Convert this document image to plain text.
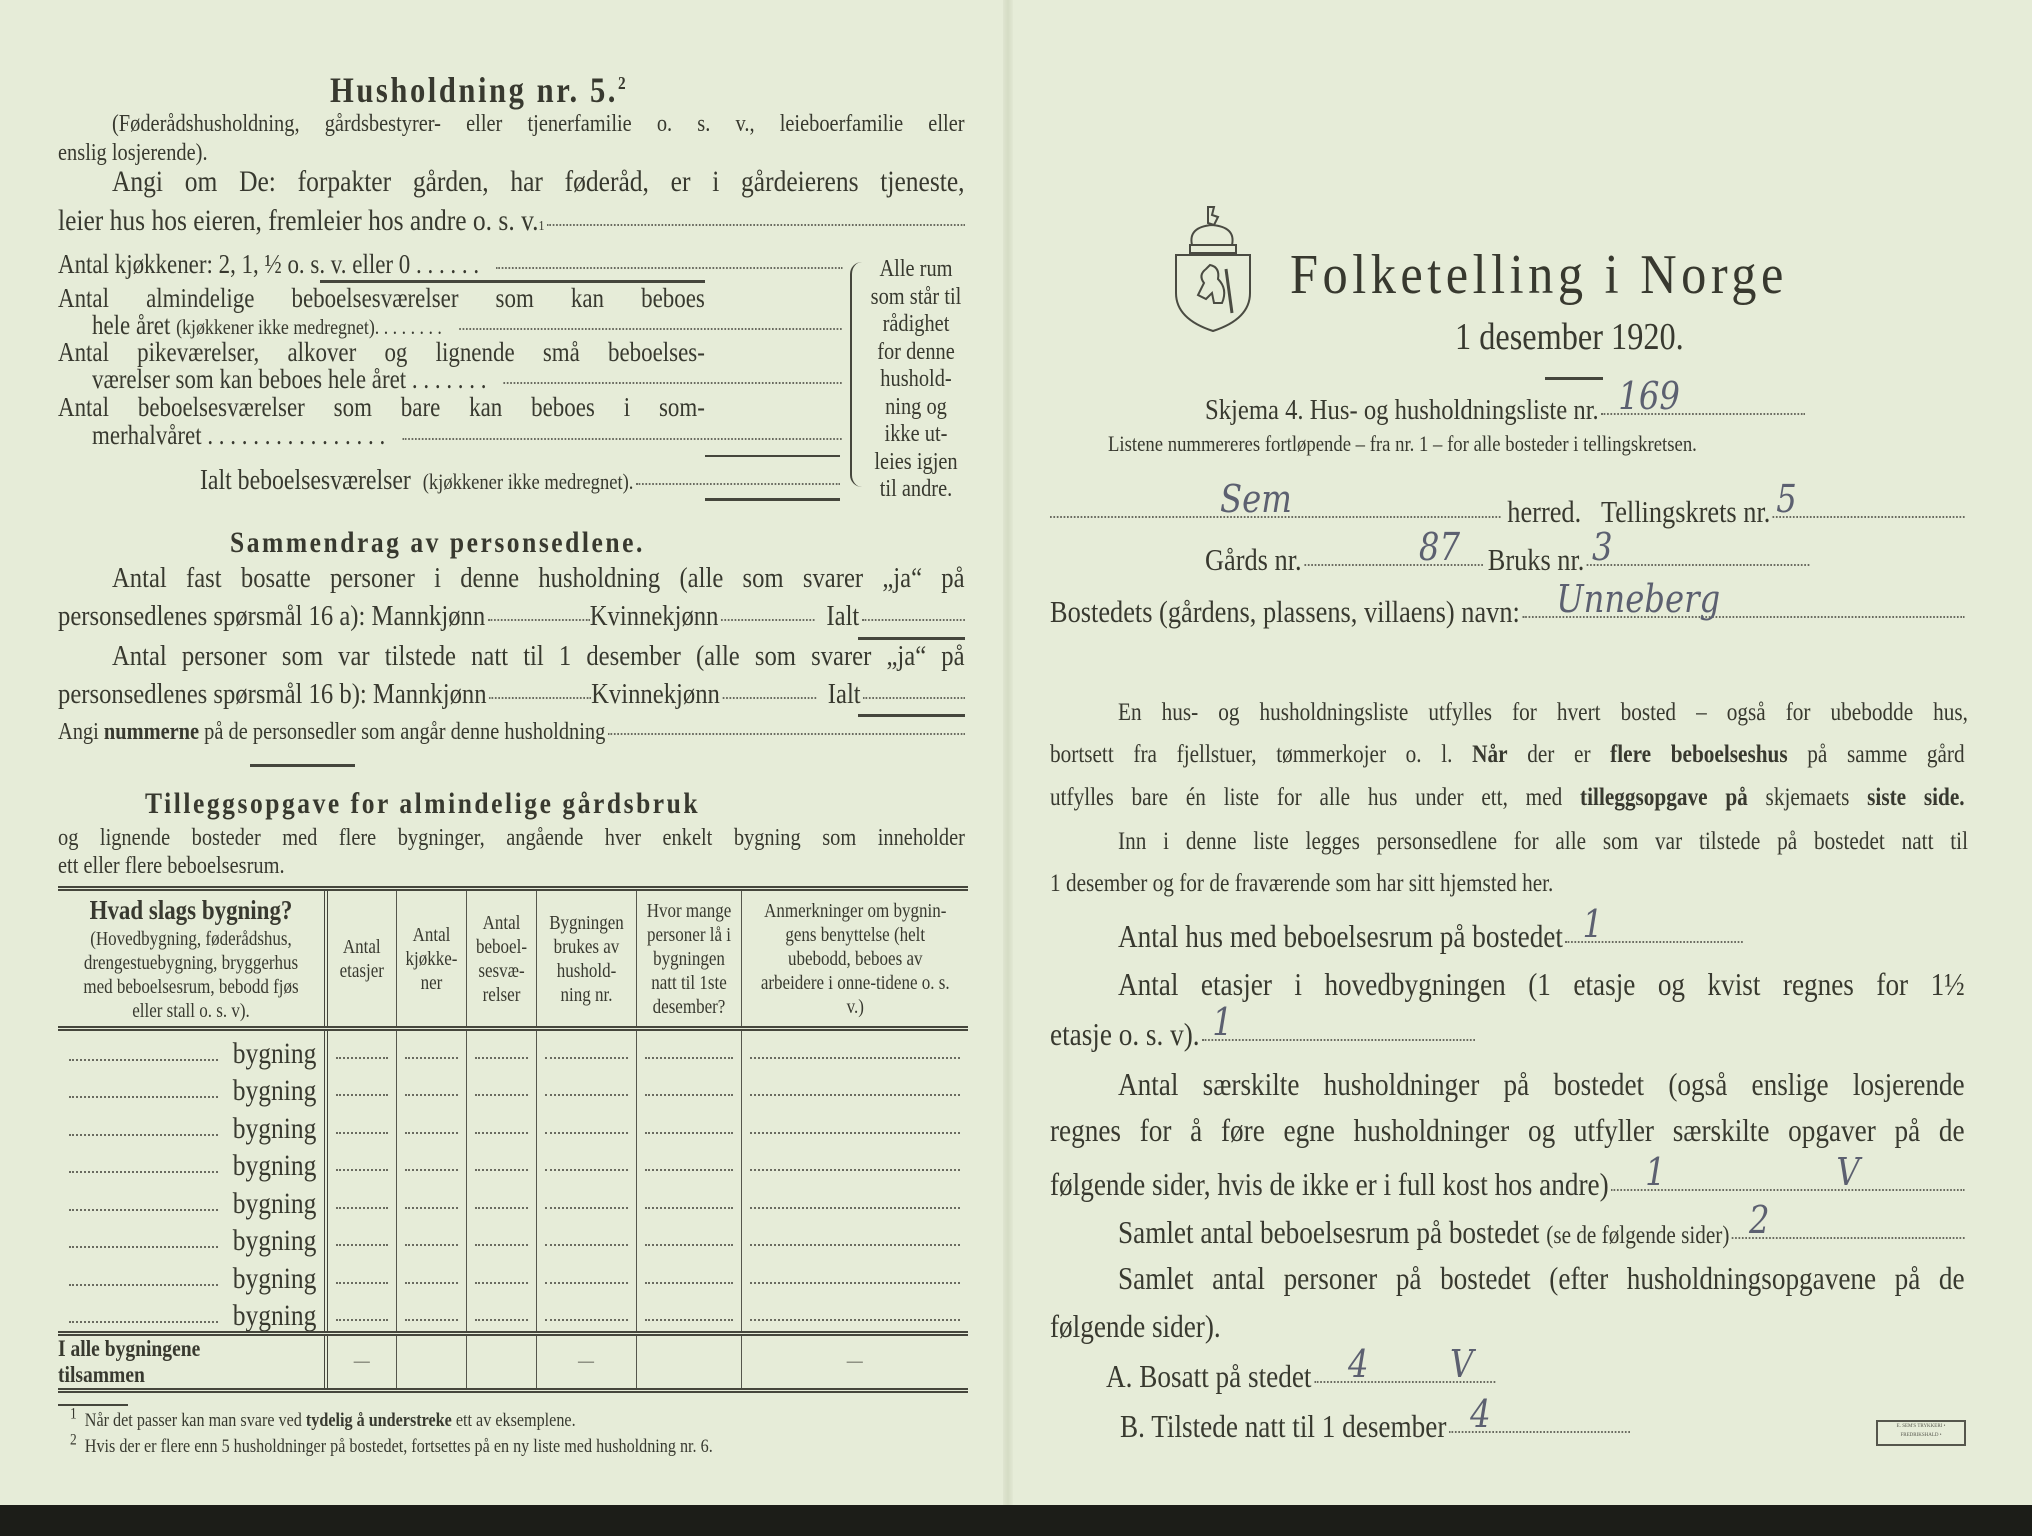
Husholdning nr. 5.$^2$
(Føderådshusholdning, gårdsbestyrer- eller tjenerfamilie o. s. v., leieboerfamilie eller
enslig losjerende).
Angi om De: forpakter gården, har føderåd, er i gårdeierens tjeneste,
leier hus hos eieren, fremleier hos andre o. s. v. 1
Antal kjøkkener: 2, 1, ½ o. s. v. eller 0 . . . . . .
Antal almindelige beboelsesværelser som kan beboes
hele året
(kjøkkener ikke medregnet). . . . . . . .
Antal pikeværelser, alkover og lignende små beboelses-
værelser som kan beboes hele året . . . . . . .
Antal beboelsesværelser som bare kan beboes i som-
merhalvåret . . . . . . . . . . . . . . . .
Ialt beboelsesværelser
(kjøkkener ikke medregnet).
Alle rum
som står til
rådighet
for denne
hushold-
ning og
ikke ut-
leies igjen
til andre.
Sammendrag av personsedlene.
Antal fast bosatte personer i denne husholdning (alle som svarer „ja“ på
personsedlenes spørsmål 16 a):
Mannkjønn	Kvinnekjønn	Ialt
Antal personer som var tilstede natt til 1 desember (alle som svarer „ja“ på
personsedlenes spørsmål 16 b):
Mannkjønn	Kvinnekjønn	Ialt
Angi
nummerne
på de personsedler som angår denne husholdning
Tilleggsopgave for almindelige gårdsbruk
og lignende bosteder med flere bygninger, angående hver enkelt bygning som inneholder
ett eller flere beboelsesrum.
Hvad slags bygning?
(Hovedbygning, føderådshus, drengestuebygning, bryggerhus med beboelsesrum, bebodd fjøs eller stall o. s. v).	Antal etasjer	Antal kjøkke-ner	Antal beboel-sesvæ-relser	Bygningen brukes av hushold-ning nr.	Hvor mange personer lå i bygningen natt til 1ste desember?	Anmerkninger om bygnin-gens benyttelse (helt ubebodd, beboes av arbeidere i onne-tidene o. s. v.)

bygning						

bygning						

bygning						

bygning						

bygning						

bygning						

bygning						

bygning						

I alle bygningene tilsammen	—			—		—
$^1$ Når det passer kan man svare ved tydelig å understreke ett av eksemplene.
$^2$ Hvis der er flere enn 5 husholdninger på bostedet, fortsettes på en ny liste med husholdning nr. 6.
Folketelling i Norge
1 desember 1920.
Skjema 4. Hus- og husholdningsliste nr. 169
Listene nummereres fortløpende – fra nr. 1 – for alle bosteder i tellingskretsen.
Sem	herred.
Tellingskrets nr. 5
Gårds nr.	87 Bruks nr. 3
Bostedets (gårdens, plassens, villaens) navn: Unneberg
En hus- og husholdningsliste utfylles for hvert bosted – også for ubebodde hus,
bortsett fra fjellstuer, tømmerkojer o. l. Når der er flere beboelseshus på samme gård
utfylles bare én liste for alle hus under ett, med tilleggsopgave på skjemaets siste side.
Inn i denne liste legges personsedlene for alle som var tilstede på bostedet natt til
1 desember og for de fraværende som har sitt hjemsted her.
Antal hus med beboelsesrum på bostedet 1
Antal etasjer i hovedbygningen (1 etasje og kvist regnes for 1½
etasje o. s. v). 1
Antal særskilte husholdninger på bostedet (også enslige losjerende
regnes for å føre egne husholdninger og utfyller særskilte opgaver på de
følgende sider, hvis de ikke er i full kost hos andre) 1	V
Samlet antal beboelsesrum på bostedet
(se de følgende sider) 2
Samlet antal personer på bostedet (efter husholdningsopgavene på de
følgende sider).
A. Bosatt på stedet 4 V
B. Tilstede natt til 1 desember 4	E. SEM'S TRYKKERI • FREDRIKSHALD •
